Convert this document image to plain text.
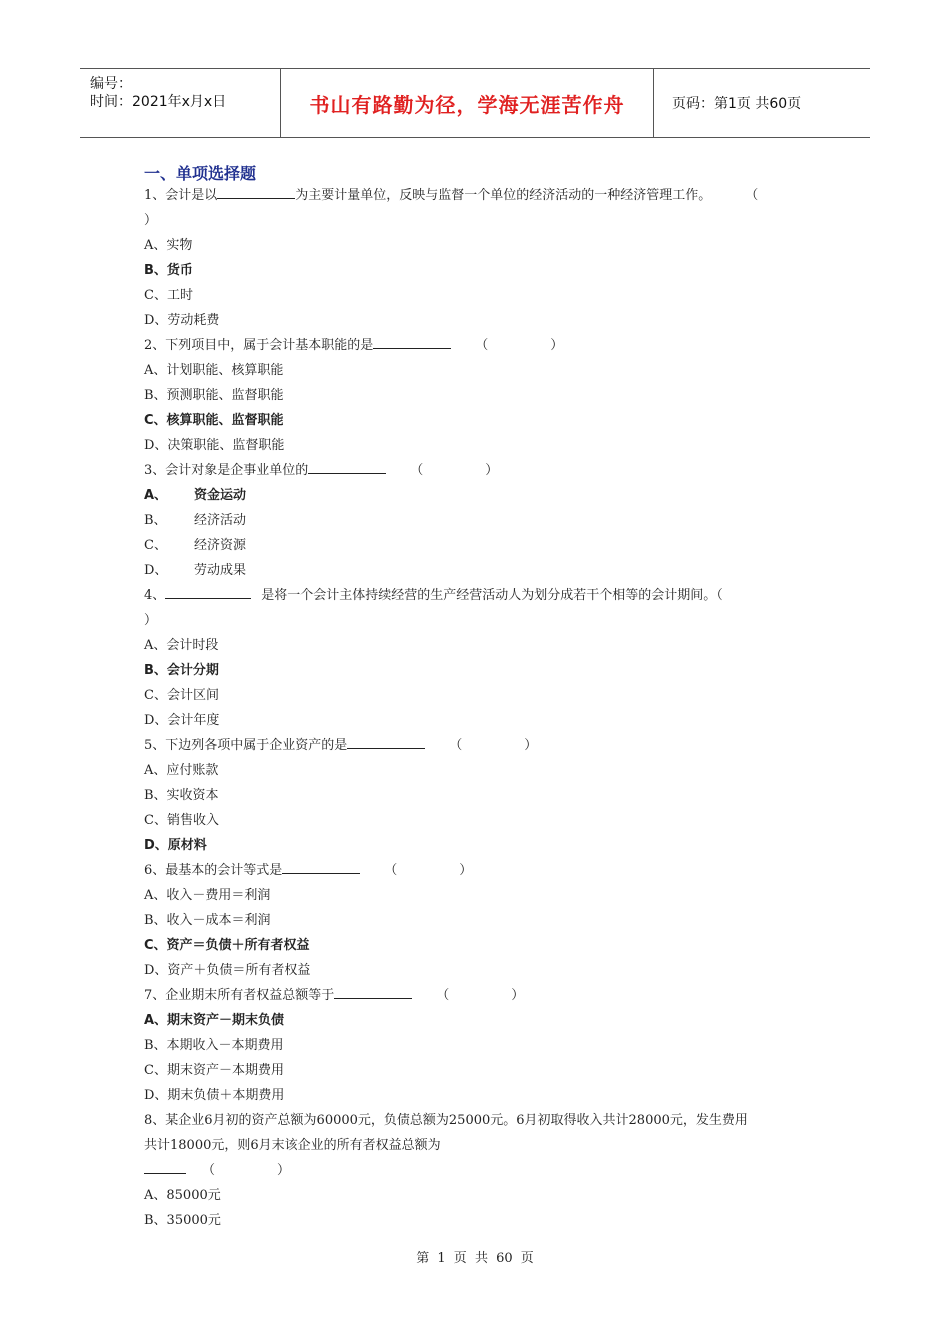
编号：
时间：2021年x月x日	书山有路勤为径，学海无涯苦作舟	页码：第1页 共60页
一、单项选择题
1、会计是以	为主要计量单位，反映与监督一个单位的经济活动的一种经济管理工作。	（
）
A、实物
B、货币
C、工时
D、劳动耗费
2、下列项目中，属于会计基本职能的是	（	）
A、计划职能、核算职能
B、预测职能、监督职能
C、核算职能、监督职能
D、决策职能、监督职能
3、会计对象是企事业单位的	（	）
A、 资金运动
B、 经济活动
C、 经济资源
D、 劳动成果
4、	是将一个会计主体持续经营的生产经营活动人为划分成若干个相等的会计期间。（
）
A、会计时段
B、会计分期
C、会计区间
D、会计年度
5、下边列各项中属于企业资产的是	（	）
A、应付账款
B、实收资本
C、销售收入
D、原材料
6、最基本的会计等式是	（	）
A、收入－费用＝利润
B、收入－成本＝利润
C、资产＝负债＋所有者权益
D、资产＋负债＝所有者权益
7、企业期末所有者权益总额等于	（	）
A、期末资产－期末负债
B、本期收入－本期费用
C、期末资产－本期费用
D、期末负债＋本期费用
8、某企业6月初的资产总额为60000元，负债总额为25000元。6月初取得收入共计28000元，发生费用
共计18000元，则6月末该企业的所有者权益总额为
（	）
A、85000元
B、35000元
第 1 页 共 60 页
